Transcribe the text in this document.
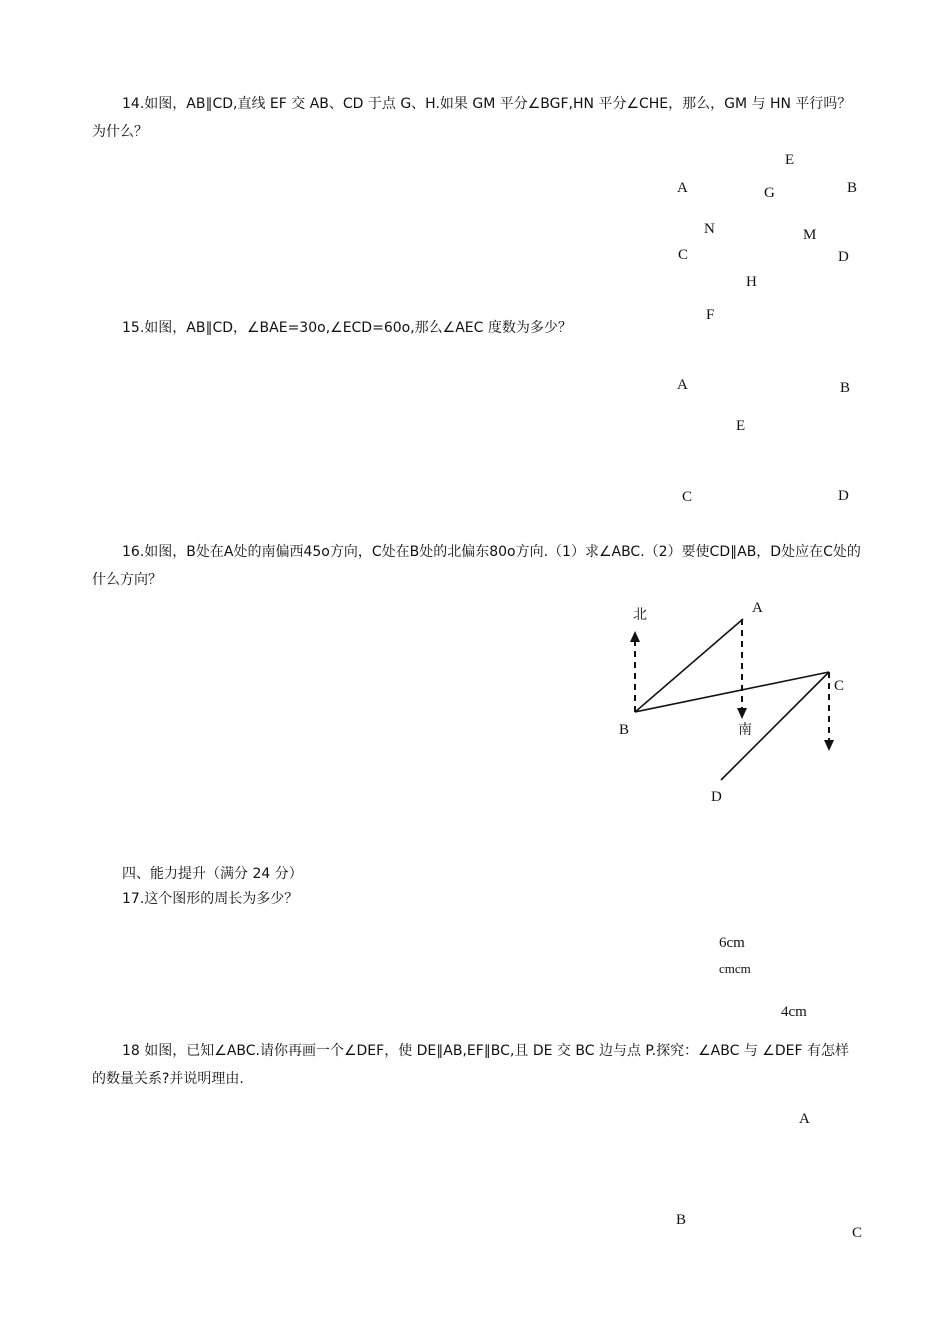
14.如图，AB∥CD,直线 EF 交 AB、CD 于点 G、H.如果 GM 平分∠BGF,HN 平分∠CHE，那么，GM 与 HN 平行吗？为什么？

E
A	G	B
N	M
C	D
H
F

15.如图，AB∥CD，∠BAE=30o,∠ECD=60o,那么∠AEC 度数为多少？

A	B
E
C	D

16.如图，B处在A处的南偏西45o方向，C处在B处的北偏东80o方向.（1）求∠ABC.（2）要使CD∥AB，D处应在C处的什么方向？

北	A
C
B	南
D

四、能力提升（满分 24 分）

17.这个图形的周长为多少？

6cm
cmcm
4cm

18 如图，已知∠ABC.请你再画一个∠DEF，使 DE∥AB,EF∥BC,且 DE 交 BC 边与点 P.探究：∠ABC 与 ∠DEF 有怎样的数量关系?并说明理由.

A
B
C
